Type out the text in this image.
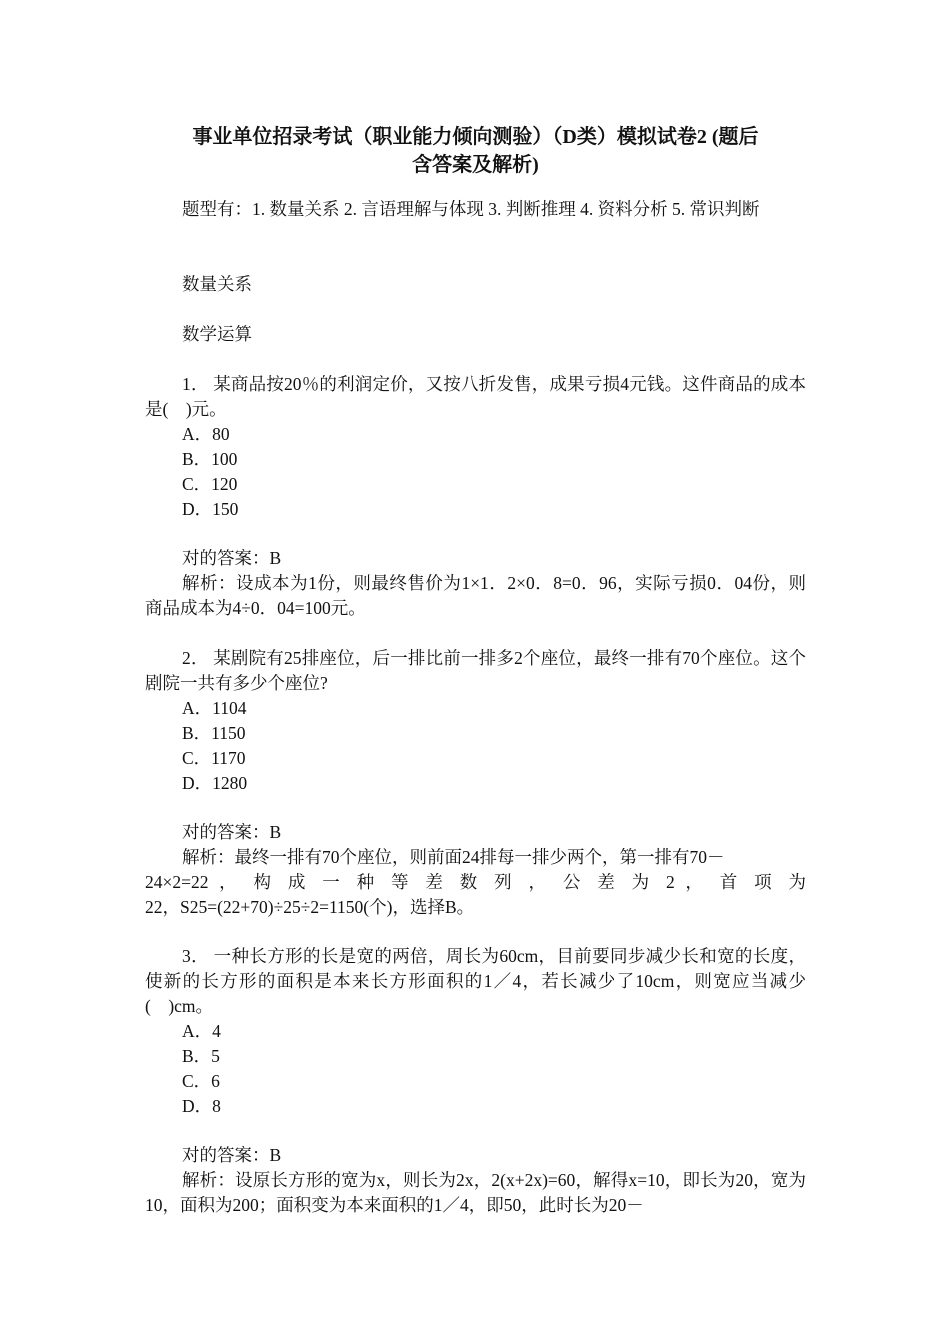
事业单位招录考试（职业能力倾向测验）（D类）模拟试卷2 (题后
含答案及解析)
题型有：1. 数量关系 2. 言语理解与体现 3. 判断推理 4. 资料分析 5. 常识判断
数量关系
数学运算
1． 某商品按20％的利润定价，又按八折发售，成果亏损4元钱。这件商品的成本是(　)元。
A．80
B．100
C．120
D．150
对的答案：B
解析：设成本为1份，则最终售价为1×1．2×0．8=0．96，实际亏损0．04份，则商品成本为4÷0．04=100元。
2． 某剧院有25排座位，后一排比前一排多2个座位，最终一排有70个座位。这个剧院一共有多少个座位?
A．1104
B．1150
C．1170
D．1280
对的答案：B
解析：最终一排有70个座位，则前面24排每一排少两个，第一排有70－
24×2=22 ， 构 成 一 种 等 差 数 列 ， 公 差 为 2 ， 首 项 为
22，S25=(22+70)÷25÷2=1150(个)，选择B。
3． 一种长方形的长是宽的两倍，周长为60cm，目前要同步减少长和宽的长度，使新的长方形的面积是本来长方形面积的1／4，若长减少了10cm，则宽应当减少(　)cm。
A．4
B．5
C．6
D．8
对的答案：B
解析：设原长方形的宽为x，则长为2x，2(x+2x)=60，解得x=10，即长为20，宽为10，面积为200；面积变为本来面积的1／4，即50，此时长为20－
